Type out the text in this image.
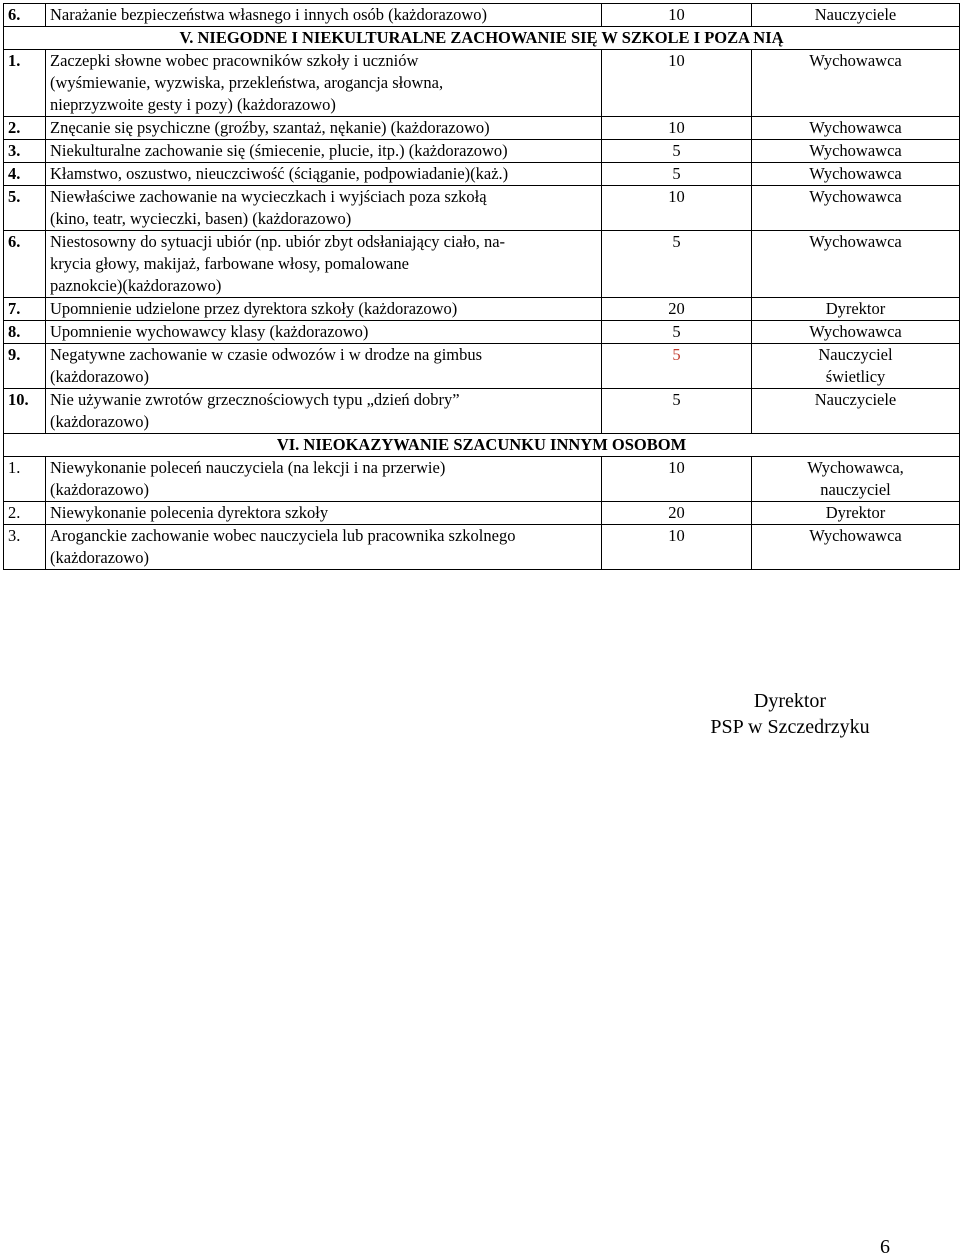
6.	Narażanie bezpieczeństwa własnego i innych osób (każdorazowo)	10	Nauczyciele
V. NIEGODNE I NIEKULTURALNE ZACHOWANIE SIĘ W SZKOLE I POZA NIĄ			
1.	Zaczepki słowne wobec pracowników szkoły i uczniów
(wyśmiewanie, wyzwiska, przekleństwa, arogancja słowna,
nieprzyzwoite gesty i pozy) (każdorazowo)	10	Wychowawca
2.	Znęcanie się psychiczne (groźby, szantaż, nękanie) (każdorazowo)	10	Wychowawca
3.	Niekulturalne zachowanie się (śmiecenie, plucie, itp.) (każdorazowo)	5	Wychowawca
4.	Kłamstwo, oszustwo, nieuczciwość (ściąganie, podpowiadanie)(każ.)	5	Wychowawca
5.	Niewłaściwe zachowanie na wycieczkach i wyjściach poza szkołą
(kino, teatr, wycieczki, basen) (każdorazowo)	10	Wychowawca
6.	Niestosowny do sytuacji ubiór (np. ubiór zbyt odsłaniający ciało, na-
krycia głowy, makijaż, farbowane włosy, pomalowane
paznokcie)(każdorazowo)	5	Wychowawca
7.	Upomnienie udzielone przez dyrektora szkoły (każdorazowo)	20	Dyrektor
8.	Upomnienie wychowawcy klasy (każdorazowo)	5	Wychowawca
9.	Negatywne zachowanie w czasie odwozów i w drodze na gimbus
(każdorazowo)	5	Nauczyciel
świetlicy

10.	Nie używanie zwrotów grzecznościowych typu „dzień dobry”
(każdorazowo)	5	Nauczyciele
VI. NIEOKAZYWANIE SZACUNKU INNYM OSOBOM			
1.	Niewykonanie poleceń nauczyciela (na lekcji i na przerwie)
(każdorazowo)	10	Wychowawca,
nauczyciel

2.	Niewykonanie polecenia dyrektora szkoły	20	Dyrektor
3.	Aroganckie zachowanie wobec nauczyciela lub pracownika szkolnego
(każdorazowo)	10	Wychowawca
Dyrektor
PSP w Szczedrzyku
6
